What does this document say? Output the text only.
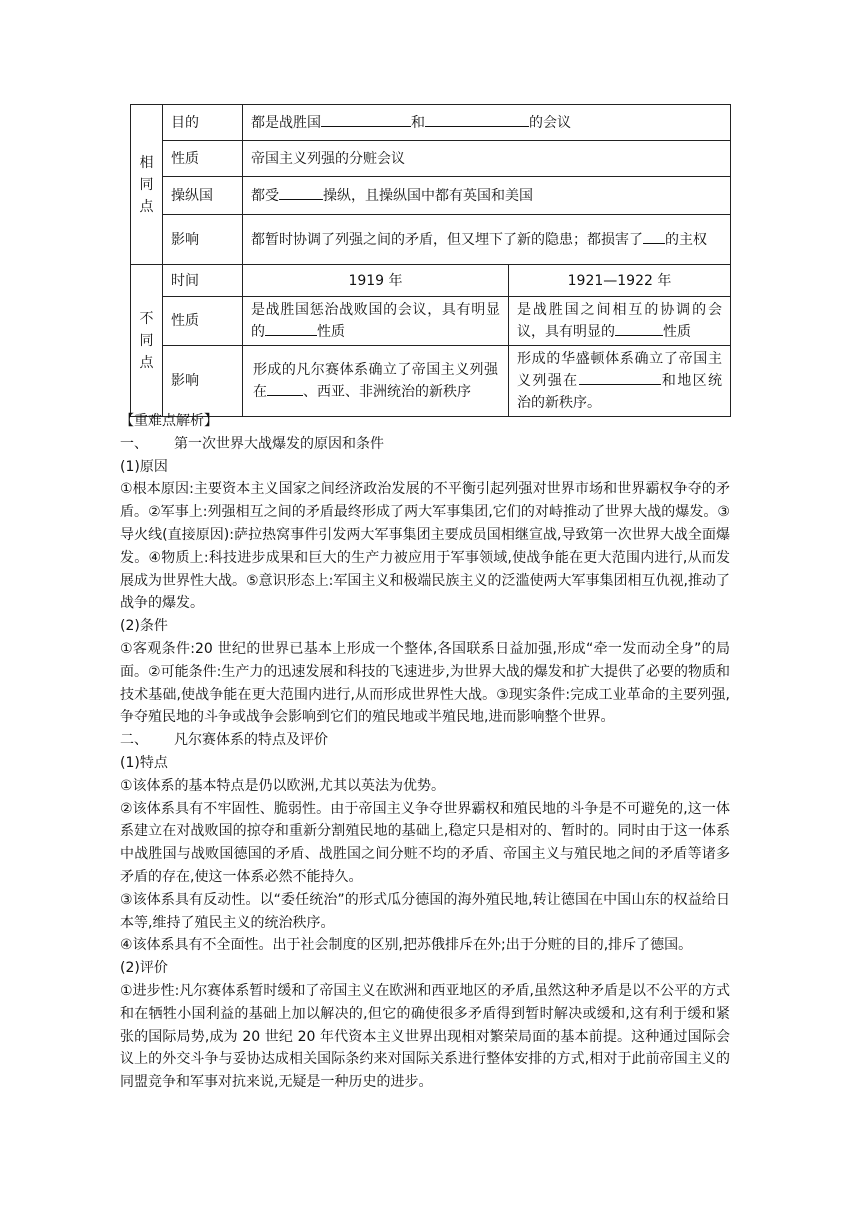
相同点	目的	都是战胜国 和 的会议	
	性质	帝国主义列强的分赃会议	
	操纵国	都受 操纵，且操纵国中都有英国和美国	
	影响	都暂时协调了列强之间的矛盾，但又埋下了新的隐患；都损害了 的主权	

不同点	时间	1919 年	1921—1922 年
	性质	是战胜国惩治战败国的会议，具有明显的 性质	是战胜国之间相互的协调的会议，具有明显的 性质
	影响	形成的凡尔赛体系确立了帝国主义列强在 、西亚、非洲统治的新秩序	形成的华盛顿体系确立了帝国主义列强在 和地区统治的新秩序。

【重难点解析】

一、 第一次世界大战爆发的原因和条件

(1)原因

①根本原因:主要资本主义国家之间经济政治发展的不平衡引起列强对世界市场和世界霸权争夺的矛盾。②军事上:列强相互之间的矛盾最终形成了两大军事集团,它们的对峙推动了世界大战的爆发。③导火线(直接原因):萨拉热窝事件引发两大军事集团主要成员国相继宣战,导致第一次世界大战全面爆发。④物质上:科技进步成果和巨大的生产力被应用于军事领域,使战争能在更大范围内进行,从而发展成为世界性大战。⑤意识形态上:军国主义和极端民族主义的泛滥使两大军事集团相互仇视,推动了战争的爆发。

(2)条件

①客观条件:20 世纪的世界已基本上形成一个整体,各国联系日益加强,形成“牵一发而动全身”的局面。②可能条件:生产力的迅速发展和科技的飞速进步,为世界大战的爆发和扩大提供了必要的物质和技术基础,使战争能在更大范围内进行,从而形成世界性大战。③现实条件:完成工业革命的主要列强,争夺殖民地的斗争或战争会影响到它们的殖民地或半殖民地,进而影响整个世界。

二、 凡尔赛体系的特点及评价

(1)特点

①该体系的基本特点是仍以欧洲,尤其以英法为优势。

②该体系具有不牢固性、脆弱性。由于帝国主义争夺世界霸权和殖民地的斗争是不可避免的,这一体系建立在对战败国的掠夺和重新分割殖民地的基础上,稳定只是相对的、暂时的。同时由于这一体系中战胜国与战败国德国的矛盾、战胜国之间分赃不均的矛盾、帝国主义与殖民地之间的矛盾等诸多矛盾的存在,使这一体系必然不能持久。

③该体系具有反动性。以“委任统治”的形式瓜分德国的海外殖民地,转让德国在中国山东的权益给日本等,维持了殖民主义的统治秩序。

④该体系具有不全面性。出于社会制度的区别,把苏俄排斥在外;出于分赃的目的,排斥了德国。

(2)评价

①进步性:凡尔赛体系暂时缓和了帝国主义在欧洲和西亚地区的矛盾,虽然这种矛盾是以不公平的方式和在牺牲小国利益的基础上加以解决的,但它的确使很多矛盾得到暂时解决或缓和,这有利于缓和紧张的国际局势,成为 20 世纪 20 年代资本主义世界出现相对繁荣局面的基本前提。这种通过国际会议上的外交斗争与妥协达成相关国际条约来对国际关系进行整体安排的方式,相对于此前帝国主义的同盟竞争和军事对抗来说,无疑是一种历史的进步。
